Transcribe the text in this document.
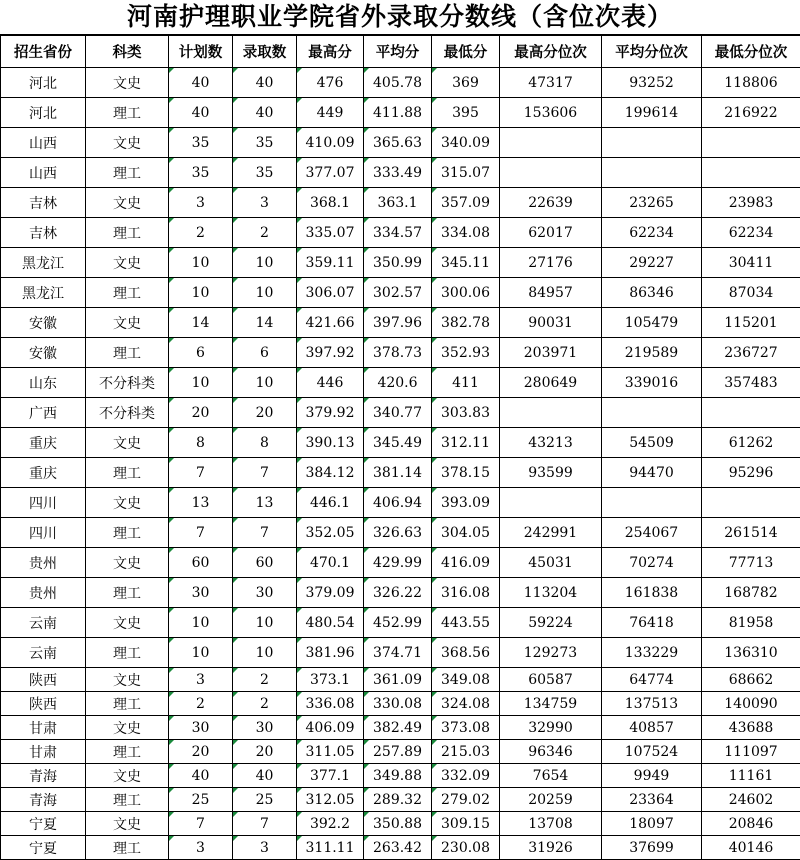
河南护理职业学院省外录取分数线（含位次表）
招生省份	科类	计划数	录取数	最高分	平均分	最低分	最高分位次	平均分位次	最低分位次
河北	文史	40	40	476	405.78	369	47317	93252	118806
河北	理工	40	40	449	411.88	395	153606	199614	216922
山西	文史	35	35	410.09	365.63	340.09			
山西	理工	35	35	377.07	333.49	315.07			
吉林	文史	3	3	368.1	363.1	357.09	22639	23265	23983
吉林	理工	2	2	335.07	334.57	334.08	62017	62234	62234
黑龙江	文史	10	10	359.11	350.99	345.11	27176	29227	30411
黑龙江	理工	10	10	306.07	302.57	300.06	84957	86346	87034
安徽	文史	14	14	421.66	397.96	382.78	90031	105479	115201
安徽	理工	6	6	397.92	378.73	352.93	203971	219589	236727
山东	不分科类	10	10	446	420.6	411	280649	339016	357483
广西	不分科类	20	20	379.92	340.77	303.83			
重庆	文史	8	8	390.13	345.49	312.11	43213	54509	61262
重庆	理工	7	7	384.12	381.14	378.15	93599	94470	95296
四川	文史	13	13	446.1	406.94	393.09			
四川	理工	7	7	352.05	326.63	304.05	242991	254067	261514
贵州	文史	60	60	470.1	429.99	416.09	45031	70274	77713
贵州	理工	30	30	379.09	326.22	316.08	113204	161838	168782
云南	文史	10	10	480.54	452.99	443.55	59224	76418	81958
云南	理工	10	10	381.96	374.71	368.56	129273	133229	136310
陕西	文史	3	2	373.1	361.09	349.08	60587	64774	68662
陕西	理工	2	2	336.08	330.08	324.08	134759	137513	140090
甘肃	文史	30	30	406.09	382.49	373.08	32990	40857	43688
甘肃	理工	20	20	311.05	257.89	215.03	96346	107524	111097
青海	文史	40	40	377.1	349.88	332.09	7654	9949	11161
青海	理工	25	25	312.05	289.32	279.02	20259	23364	24602
宁夏	文史	7	7	392.2	350.88	309.15	13708	18097	20846
宁夏	理工	3	3	311.11	263.42	230.08	31926	37699	40146
